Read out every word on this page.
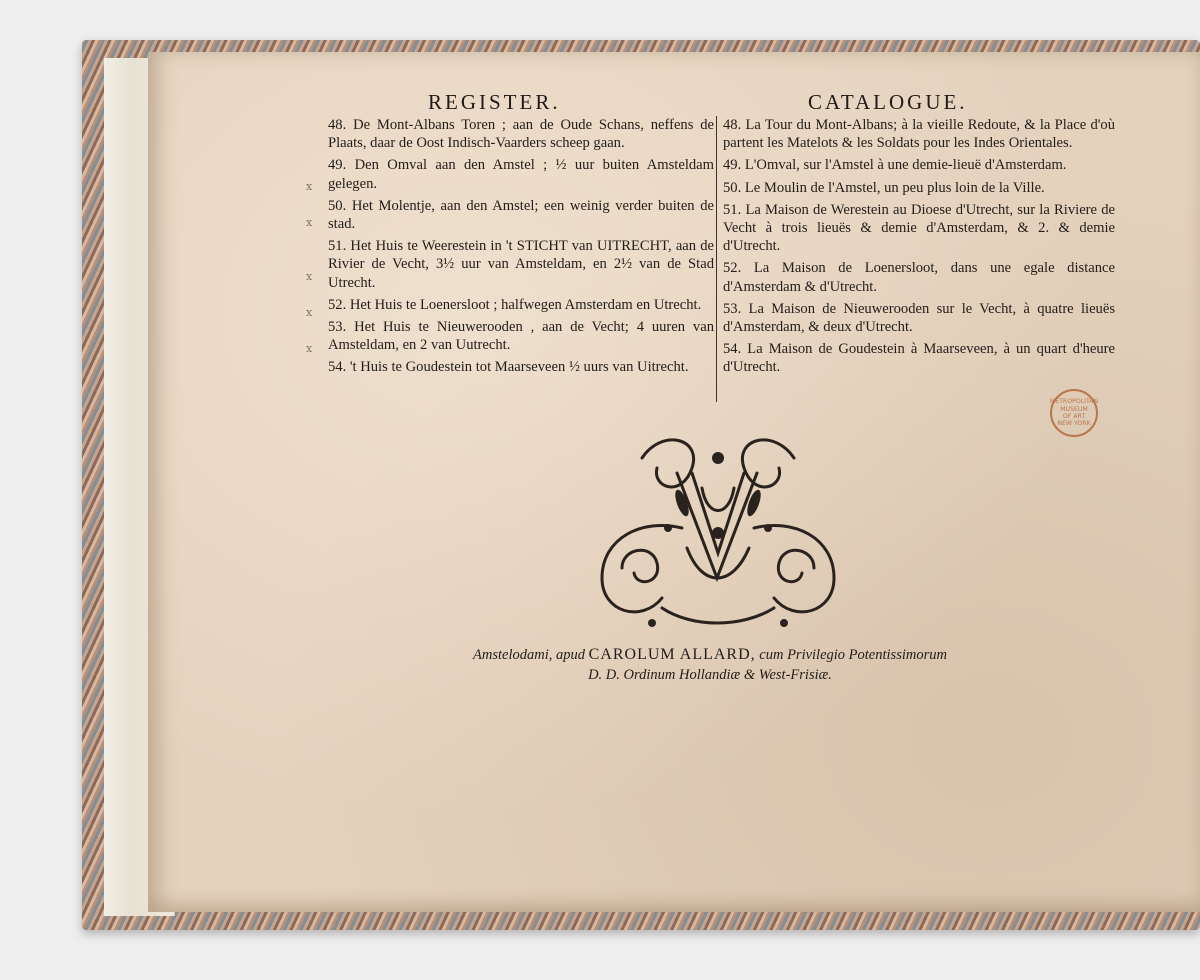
REGISTER.	CATALOGUE.
x
x
x
x
x

48. De Mont-Albans Toren ; aan de Oude Schans, neffens de Plaats, daar de Oost Indisch-Vaarders scheep gaan.

49. Den Omval aan den Amstel ; ½ uur buiten Amsteldam gelegen.

50. Het Molentje, aan den Amstel; een weinig verder buiten de stad.

51. Het Huis te Weerestein in 't STICHT van UITRECHT, aan de Rivier de Vecht, 3½ uur van Amsteldam, en 2½ van de Stad Utrecht.

52. Het Huis te Loenersloot ; halfwegen Amsterdam en Utrecht.

53. Het Huis te Nieuwerooden , aan de Vecht; 4 uuren van Amsteldam, en 2 van Uutrecht.

54. 't Huis te Goudestein tot Maarseveen ½ uurs van Uitrecht.

48. La Tour du Mont-Albans; à la vieille Redoute, & la Place d'où partent les Matelots & les Soldats pour les Indes Orientales.

49. L'Omval, sur l'Amstel à une demie-lieuë d'Amsterdam.

50. Le Moulin de l'Amstel, un peu plus loin de la Ville.

51. La Maison de Werestein au Dioese d'Utrecht, sur la Riviere de Vecht à trois lieuës & demie d'Amsterdam, & 2. & demie d'Utrecht.

52. La Maison de Loenersloot, dans une egale distance d'Amsterdam & d'Utrecht.

53. La Maison de Nieuwerooden sur le Vecht, à quatre lieuës d'Amsterdam, & deux d'Utrecht.

54. La Maison de Goudestein à Maarseveen, à un quart d'heure d'Utrecht.

Amstelodami, apud CAROLUM ALLARD, cum Privilegio Potentissimorum
D. D. Ordinum Hollandiæ & West-Frisiæ.
METROPOLITAN
MUSEUM
OF ART
NEW YORK
